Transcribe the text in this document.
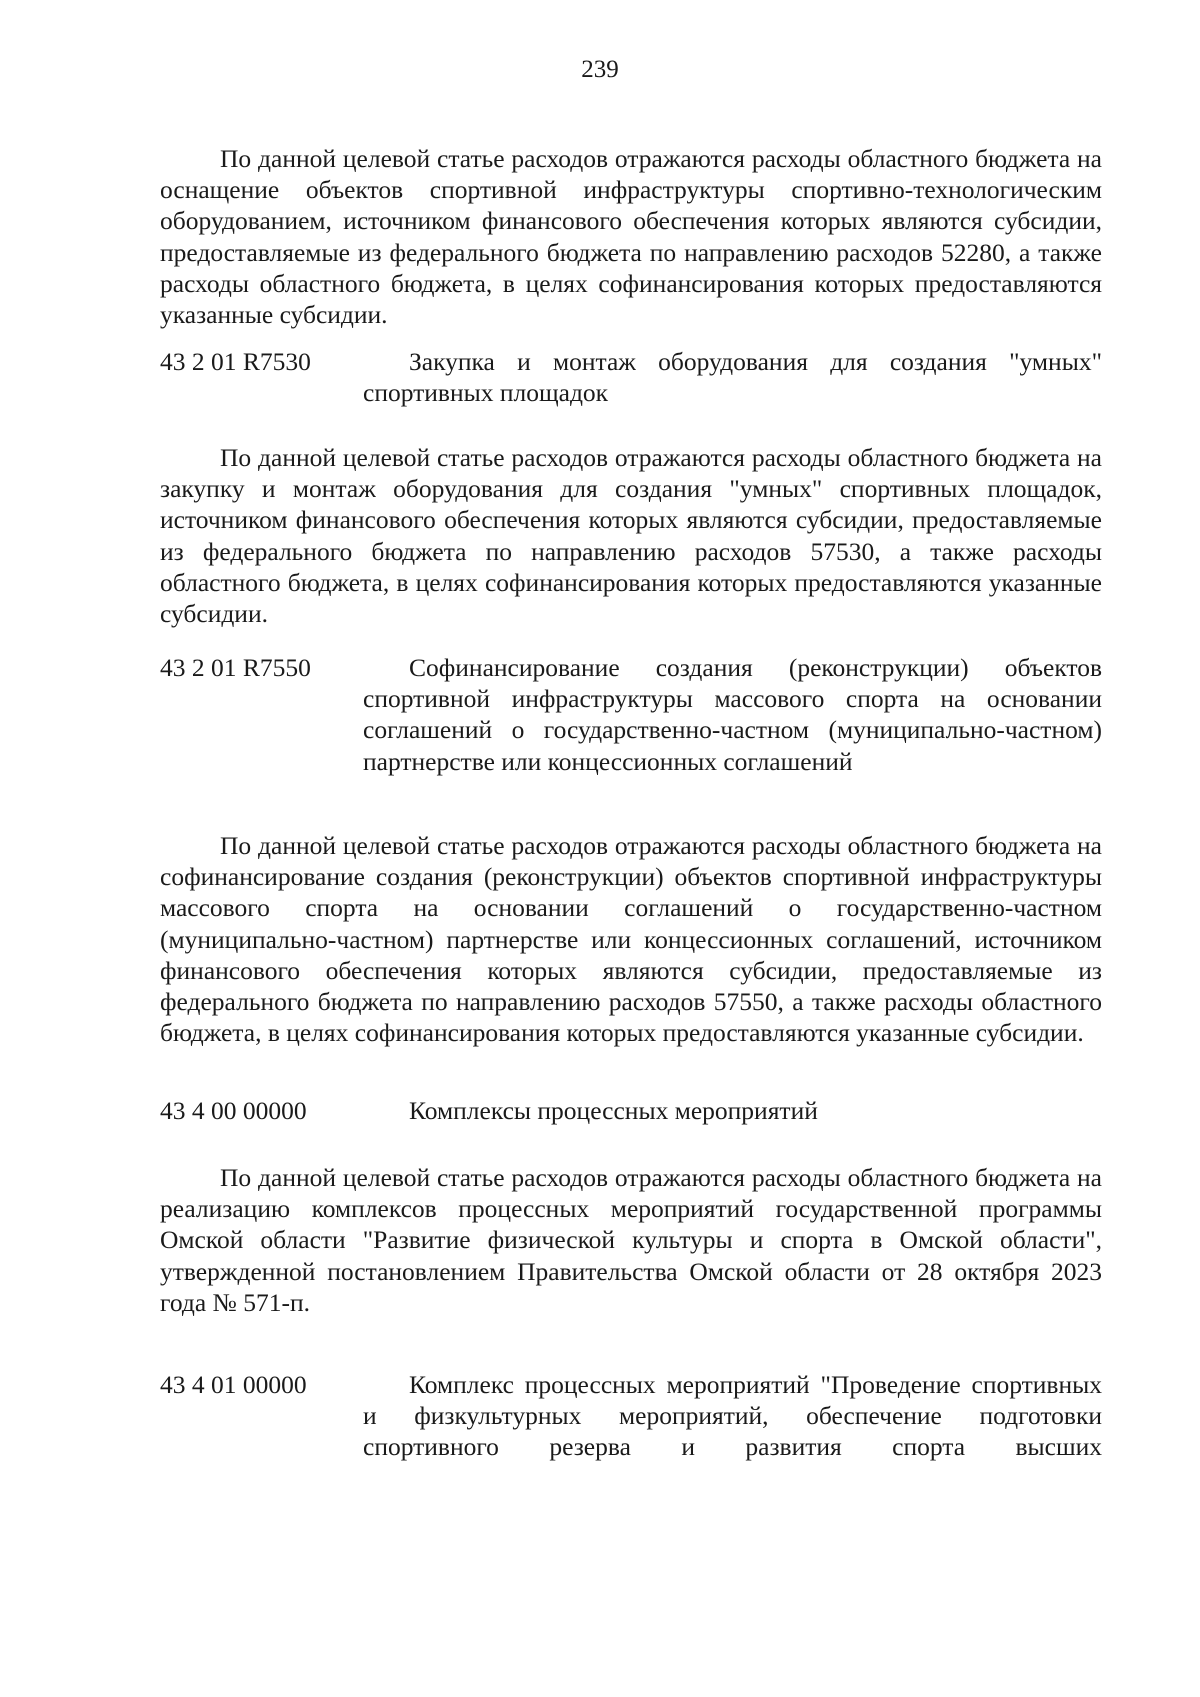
239

По данной целевой статье расходов отражаются расходы областного бюджета на оснащение объектов спортивной инфраструктуры спортивно-технологическим оборудованием, источником финансового обеспечения которых являются субсидии, предоставляемые из федерального бюджета по направлению расходов 52280, а также расходы областного бюджета, в целях софинансирования которых предоставляются указанные субсидии.

43 2 01 R7530	Закупка и монтаж оборудования для создания "умных" спортивных площадок

По данной целевой статье расходов отражаются расходы областного бюджета на закупку и монтаж оборудования для создания "умных" спортивных площадок, источником финансового обеспечения которых являются субсидии, предоставляемые из федерального бюджета по направлению расходов 57530, а также расходы областного бюджета, в целях софинансирования которых предоставляются указанные субсидии.

43 2 01 R7550	Софинансирование создания (реконструкции) объектов спортивной инфраструктуры массового спорта на основании соглашений о государственно-частном (муниципально-частном) партнерстве или концессионных соглашений

По данной целевой статье расходов отражаются расходы областного бюджета на софинансирование создания (реконструкции) объектов спортивной инфраструктуры массового спорта на основании соглашений о государственно-частном (муниципально-частном) партнерстве или концессионных соглашений, источником финансового обеспечения которых являются субсидии, предоставляемые из федерального бюджета по направлению расходов 57550, а также расходы областного бюджета, в целях софинансирования которых предоставляются указанные субсидии.

43 4 00 00000	Комплексы процессных мероприятий

По данной целевой статье расходов отражаются расходы областного бюджета на реализацию комплексов процессных мероприятий государственной программы Омской области "Развитие физической культуры и спорта в Омской области", утвержденной постановлением Правительства Омской области от 28 октября 2023 года № 571-п.

43 4 01 00000	Комплекс процессных мероприятий "Проведение спортивных и физкультурных мероприятий, обеспечение подготовки спортивного резерва и развития спорта высших
